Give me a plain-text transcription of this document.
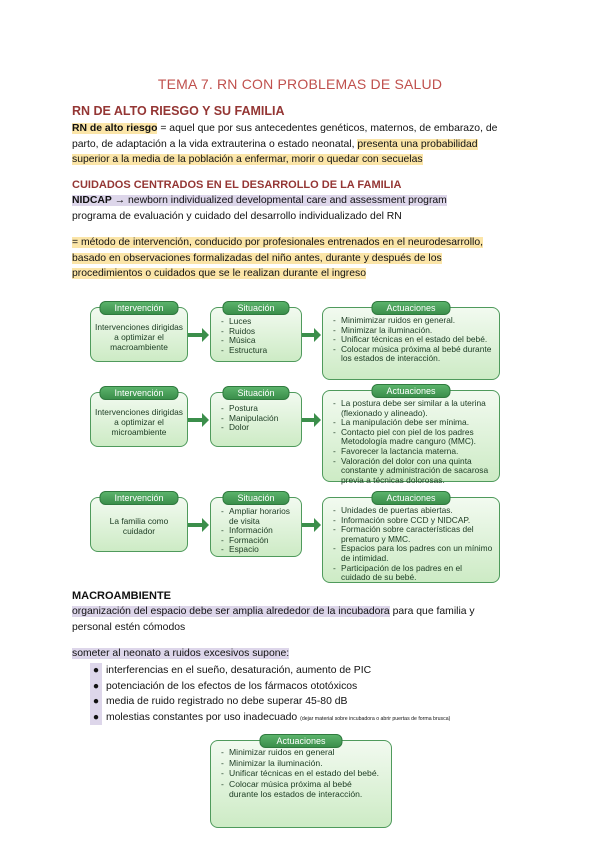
TEMA 7. RN CON PROBLEMAS DE SALUD
RN DE ALTO RIESGO Y SU FAMILIA
RN de alto riesgo = aquel que por sus antecedentes genéticos, maternos, de embarazo, de
parto, de adaptación a la vida extrauterina o estado neonatal, presenta una probabilidad
superior a la media de la población a enfermar, morir o quedar con secuelas
CUIDADOS CENTRADOS EN EL DESARROLLO DE LA FAMILIA
NIDCAP → newborn individualized developmental care and assessment program
programa de evaluación y cuidado del desarrollo individualizado del RN
= método de intervención, conducido por profesionales entrenados en el neurodesarrollo,
basado en observaciones formalizadas del niño antes, durante y después de los
procedimientos o cuidados que se le realizan durante el ingreso
Intervención
Intervenciones dirigidas a optimizar el macroambiente
Situación
- Luces
- Ruidos
- Música
- Estructura
Actuaciones
- Minimimizar ruidos en general.
- Minimizar la iluminación.
- Unificar técnicas en el estado del bebé.
- Colocar música próxima al bebé durante los estados de interacción.
Intervención
Intervenciones dirigidas a optimizar el microambiente
Situación
- Postura
- Manipulación
- Dolor
Actuaciones
- La postura debe ser similar a la uterina (flexionado y alineado).
- La manipulación debe ser mínima.
- Contacto piel con piel de los padres Metodología madre canguro (MMC).
- Favorecer la lactancia materna.
- Valoración del dolor con una quinta constante y administración de sacarosa previa a técnicas dolorosas.
Intervención
La familia como cuidador
Situación
- Ampliar horarios de visita
- Información
- Formación
- Espacio
Actuaciones
- Unidades de puertas abiertas.
- Información sobre CCD y NIDCAP.
- Formación sobre características del prematuro y MMC.
- Espacios para los padres con un mínimo de intimidad.
- Participación de los padres en el cuidado de su bebé.
MACROAMBIENTE
organización del espacio debe ser amplia alrededor de la incubadora para que familia y
personal estén cómodos
someter al neonato a ruidos excesivos supone:
● interferencias en el sueño, desaturación, aumento de PIC
● potenciación de los efectos de los fármacos ototóxicos
● media de ruido registrado no debe superar 45-80 dB
● molestias constantes por uso inadecuado (dejar material sobre incubadora o abrir puertas de forma brusca)
Actuaciones
- Minimizar ruidos en general
- Minimizar la iluminación.
- Unificar técnicas en el estado del bebé.
- Colocar música próxima al bebé durante los estados de interacción.
